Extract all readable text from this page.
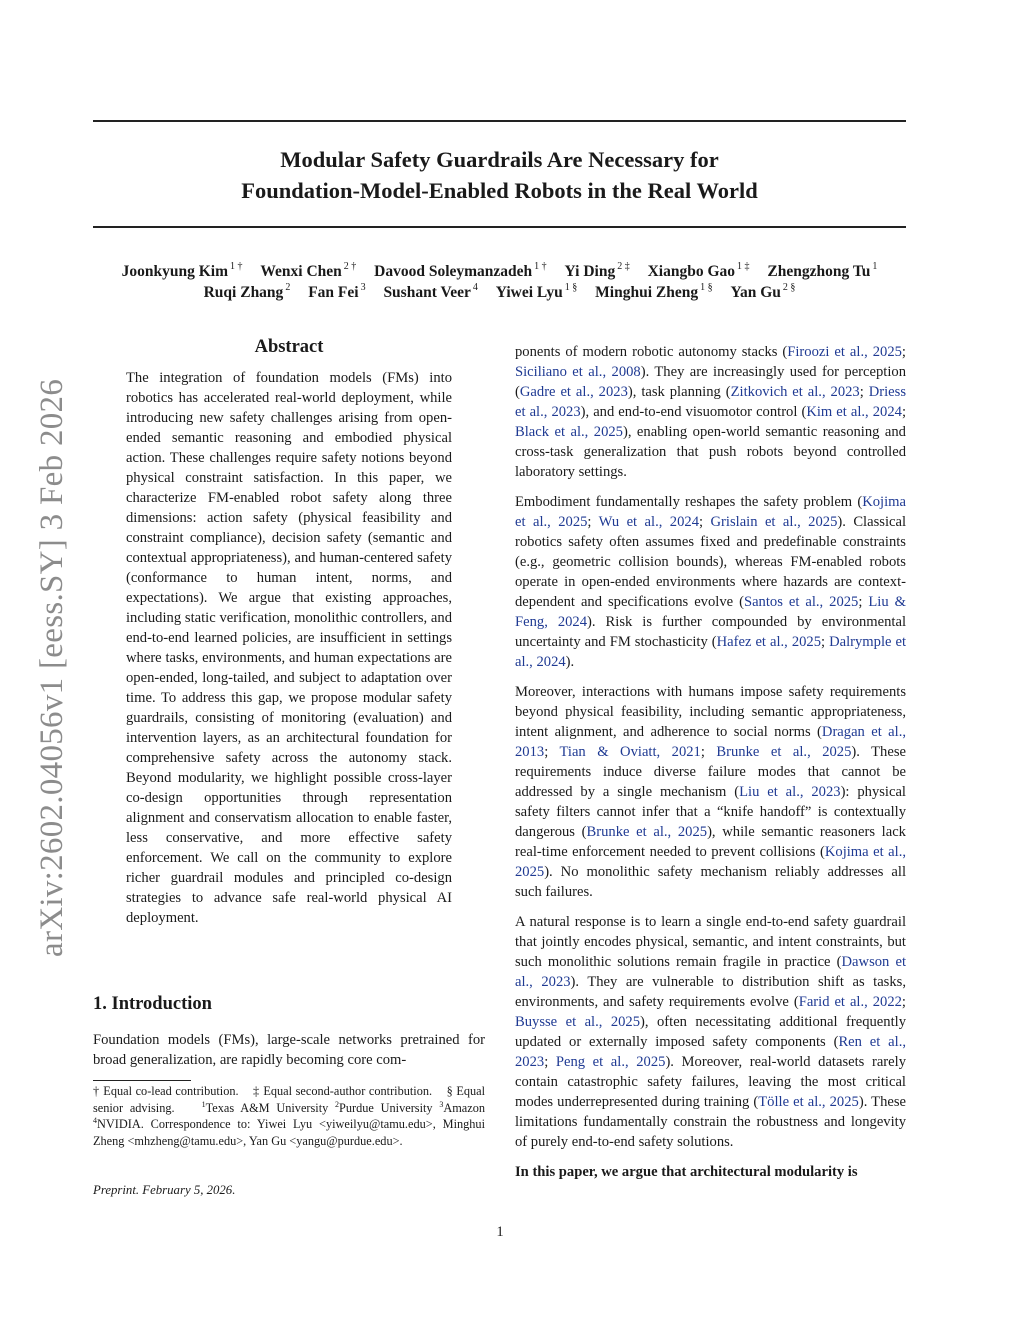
Modular Safety Guardrails Are Necessary for
Foundation-Model-Enabled Robots in the Real World
Joonkyung Kim $^{1 \dagger}$ Wenxi Chen $^{2 \dagger}$ Davood Soleymanzadeh $^{1 \dagger}$ Yi Ding $^{2 \ddagger}$ Xiangbo Gao $^{1 \ddagger}$ Zhengzhong Tu $^1$
Ruqi Zhang $^2$ Fan Fei $^3$ Sushant Veer $^4$ Yiwei Lyu $^{1 \S}$ Minghui Zheng $^{1 \S}$ Yan Gu $^{2 \S}$
arXiv:2602.04056v1 [eess.SY] 3 Feb 2026
Abstract

The integration of foundation models (FMs) into robotics has accelerated real-world deployment, while introducing new safety challenges arising from open-ended semantic reasoning and embodied physical action. These challenges require safety notions beyond physical constraint satisfaction. In this paper, we characterize FM-enabled robot safety along three dimensions: action safety (physical feasibility and constraint compliance), decision safety (semantic and contextual appropriateness), and human-centered safety (conformance to human intent, norms, and expectations). We argue that existing approaches, including static verification, monolithic controllers, and end-to-end learned policies, are insufficient in settings where tasks, environments, and human expectations are open-ended, long-tailed, and subject to adaptation over time. To address this gap, we propose modular safety guardrails, consisting of monitoring (evaluation) and intervention layers, as an architectural foundation for comprehensive safety across the autonomy stack. Beyond modularity, we highlight possible cross-layer co-design opportunities through representation alignment and conservatism allocation to enable faster, less conservative, and more effective safety enforcement. We call on the community to explore richer guardrail modules and principled co-design strategies to advance safe real-world physical AI deployment.

1. Introduction

Foundation models (FMs), large-scale networks pretrained for broad generalization, are rapidly becoming core com-

† Equal co-lead contribution. ‡ Equal second-author contribution. § Equal senior advising.	$^1$Texas A&M University $^2$Purdue University $^3$Amazon $^4$NVIDIA. Correspondence to: Yiwei Lyu <yiweilyu@tamu.edu>, Minghui Zheng <mhzheng@tamu.edu>, Yan Gu <yangu@purdue.edu>.
Preprint. February 5, 2026.

ponents of modern robotic autonomy stacks (Firoozi et al., 2025; Siciliano et al., 2008). They are increasingly used for perception (Gadre et al., 2023), task planning (Zitkovich et al., 2023; Driess et al., 2023), and end-to-end visuomotor control (Kim et al., 2024; Black et al., 2025), enabling open-world semantic reasoning and cross-task generalization that push robots beyond controlled laboratory settings.

Embodiment fundamentally reshapes the safety problem (Kojima et al., 2025; Wu et al., 2024; Grislain et al., 2025). Classical robotics safety often assumes fixed and predefinable constraints (e.g., geometric collision bounds), whereas FM-enabled robots operate in open-ended environments where hazards are context-dependent and specifications evolve (Santos et al., 2025; Liu & Feng, 2024). Risk is further compounded by environmental uncertainty and FM stochasticity (Hafez et al., 2025; Dalrymple et al., 2024).

Moreover, interactions with humans impose safety requirements beyond physical feasibility, including semantic appropriateness, intent alignment, and adherence to social norms (Dragan et al., 2013; Tian & Oviatt, 2021; Brunke et al., 2025). These requirements induce diverse failure modes that cannot be addressed by a single mechanism (Liu et al., 2023): physical safety filters cannot infer that a “knife handoff” is contextually dangerous (Brunke et al., 2025), while semantic reasoners lack real-time enforcement needed to prevent collisions (Kojima et al., 2025). No monolithic safety mechanism reliably addresses all such failures.

A natural response is to learn a single end-to-end safety guardrail that jointly encodes physical, semantic, and intent constraints, but such monolithic solutions remain fragile in practice (Dawson et al., 2023). They are vulnerable to distribution shift as tasks, environments, and safety requirements evolve (Farid et al., 2022; Buysse et al., 2025), often necessitating additional frequently updated or externally imposed safety components (Ren et al., 2023; Peng et al., 2025). Moreover, real-world datasets rarely contain catastrophic safety failures, leaving the most critical modes underrepresented during training (Tölle et al., 2025). These limitations fundamentally constrain the robustness and longevity of purely end-to-end safety solutions.

In this paper, we argue that architectural modularity is

1
